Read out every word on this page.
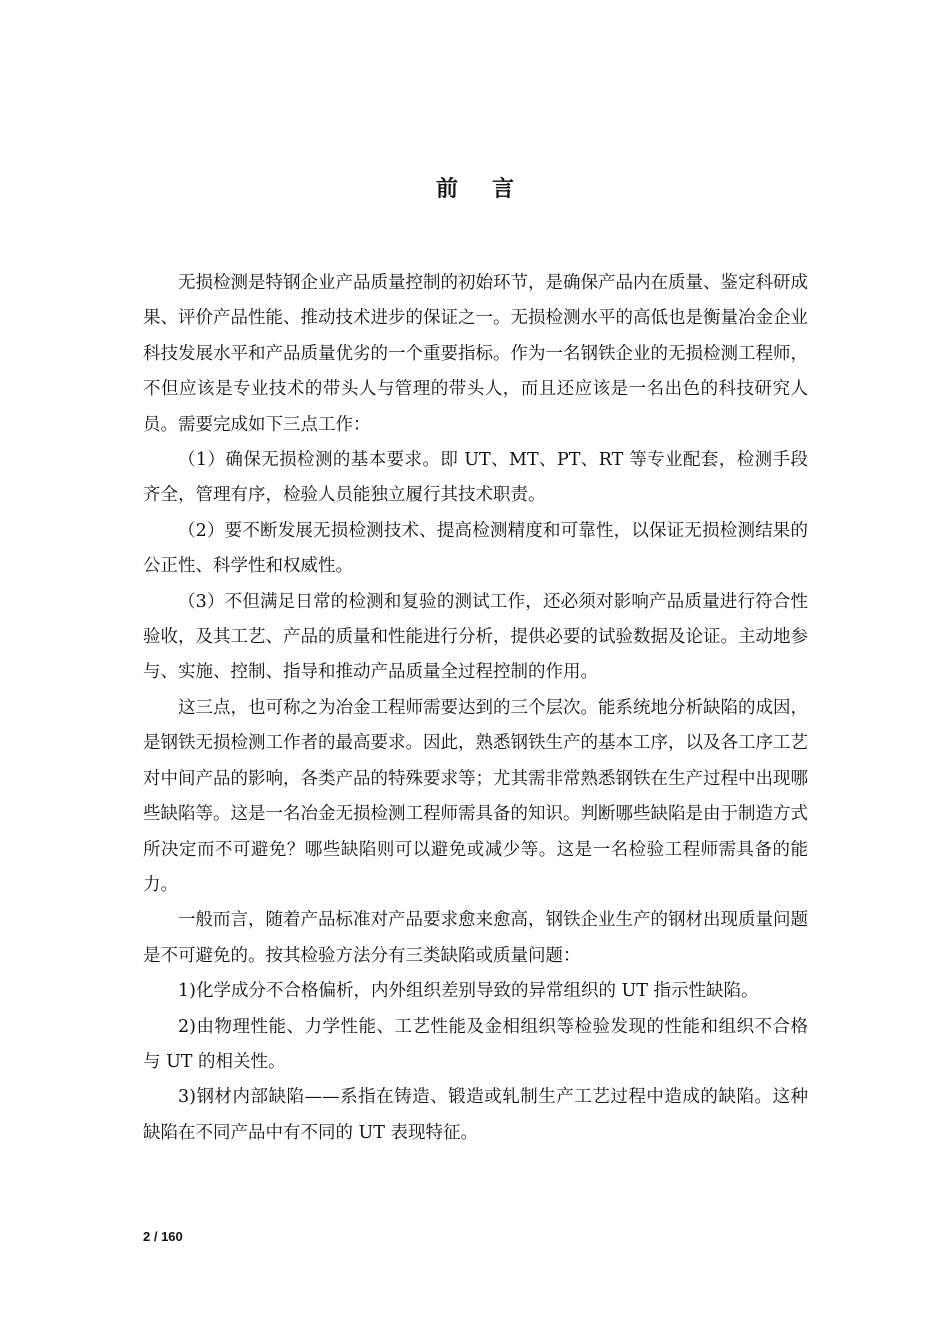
前言

无损检测是特钢企业产品质量控制的初始环节，是确保产品内在质量、鉴定科研成果、评价产品性能、推动技术进步的保证之一。无损检测水平的高低也是衡量冶金企业科技发展水平和产品质量优劣的一个重要指标。作为一名钢铁企业的无损检测工程师，不但应该是专业技术的带头人与管理的带头人，而且还应该是一名出色的科技研究人员。需要完成如下三点工作：

（1）确保无损检测的基本要求。即 UT、MT、PT、RT 等专业配套，检测手段齐全，管理有序，检验人员能独立履行其技术职责。

（2）要不断发展无损检测技术、提高检测精度和可靠性，以保证无损检测结果的公正性、科学性和权威性。

（3）不但满足日常的检测和复验的测试工作，还必须对影响产品质量进行符合性验收，及其工艺、产品的质量和性能进行分析，提供必要的试验数据及论证。主动地参与、实施、控制、指导和推动产品质量全过程控制的作用。

这三点，也可称之为冶金工程师需要达到的三个层次。能系统地分析缺陷的成因，是钢铁无损检测工作者的最高要求。因此，熟悉钢铁生产的基本工序，以及各工序工艺对中间产品的影响，各类产品的特殊要求等；尤其需非常熟悉钢铁在生产过程中出现哪些缺陷等。这是一名冶金无损检测工程师需具备的知识。判断哪些缺陷是由于制造方式所决定而不可避免？哪些缺陷则可以避免或减少等。这是一名检验工程师需具备的能力。

一般而言，随着产品标准对产品要求愈来愈高，钢铁企业生产的钢材出现质量问题是不可避免的。按其检验方法分有三类缺陷或质量问题：

1)化学成分不合格偏析，内外组织差别导致的异常组织的 UT 指示性缺陷。

2)由物理性能、力学性能、工艺性能及金相组织等检验发现的性能和组织不合格与 UT 的相关性。

3)钢材内部缺陷——系指在铸造、锻造或轧制生产工艺过程中造成的缺陷。这种缺陷在不同产品中有不同的 UT 表现特征。

2 / 160
